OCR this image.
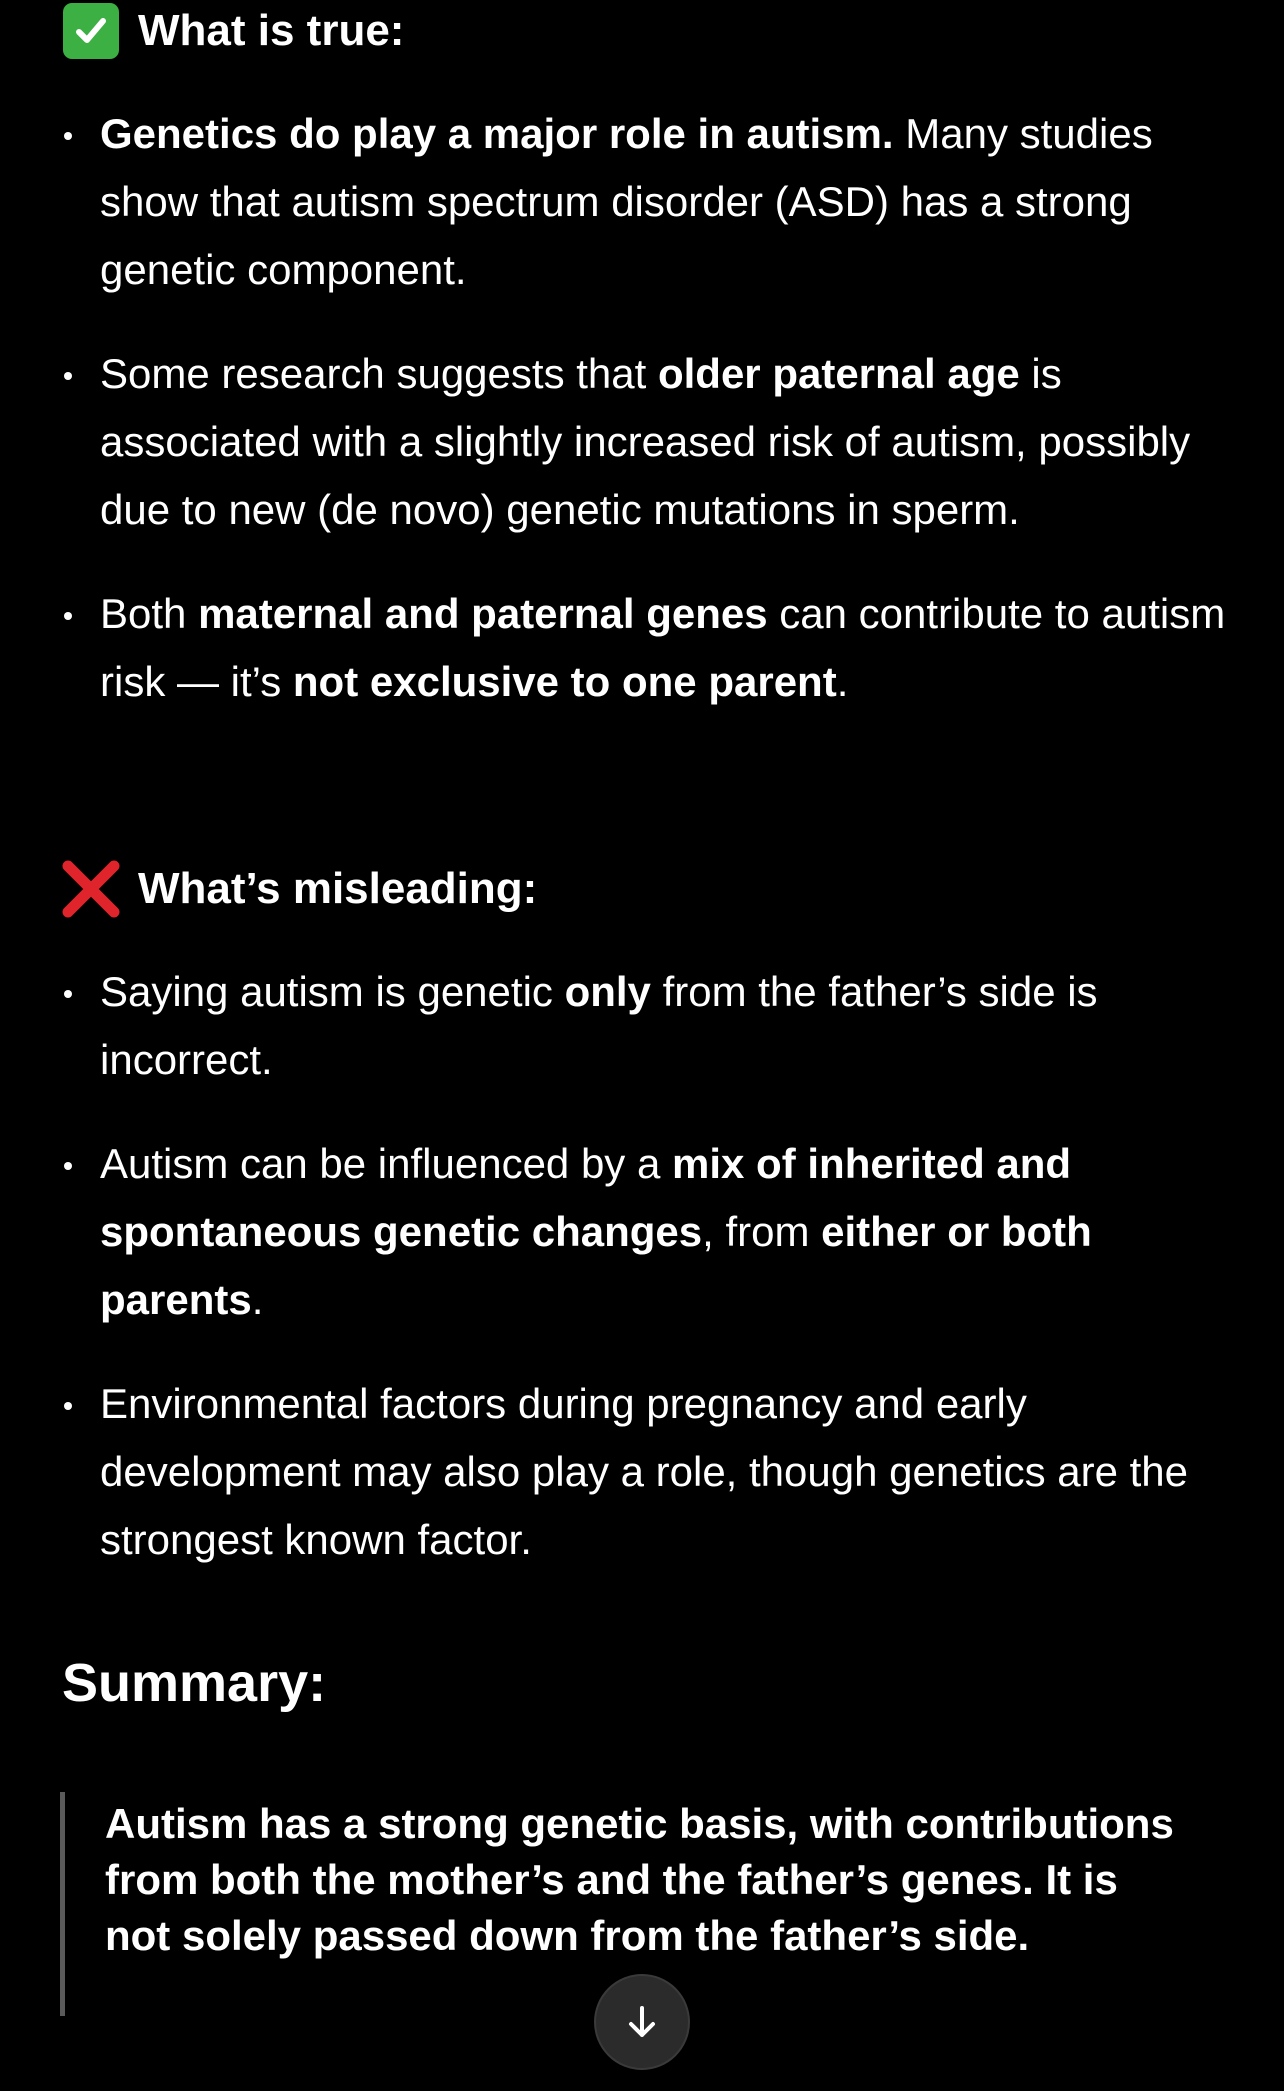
What is true:
Genetics do play a major role in autism. Many studies show that autism spectrum disorder (ASD) has a strong genetic component.
Some research suggests that older paternal age is associated with a slightly increased risk of autism, possibly due to new (de novo) genetic mutations in sperm.
Both maternal and paternal genes can contribute to autism risk — it’s not exclusive to one parent.
What’s misleading:
Saying autism is genetic only from the father’s side is incorrect.
Autism can be influenced by a mix of inherited and spontaneous genetic changes, from either or both parents.
Environmental factors during pregnancy and early development may also play a role, though genetics are the strongest known factor.
Summary:

Autism has a strong genetic basis, with contributions from both the mother’s and the father’s genes. It is not solely passed down from the father’s side.
